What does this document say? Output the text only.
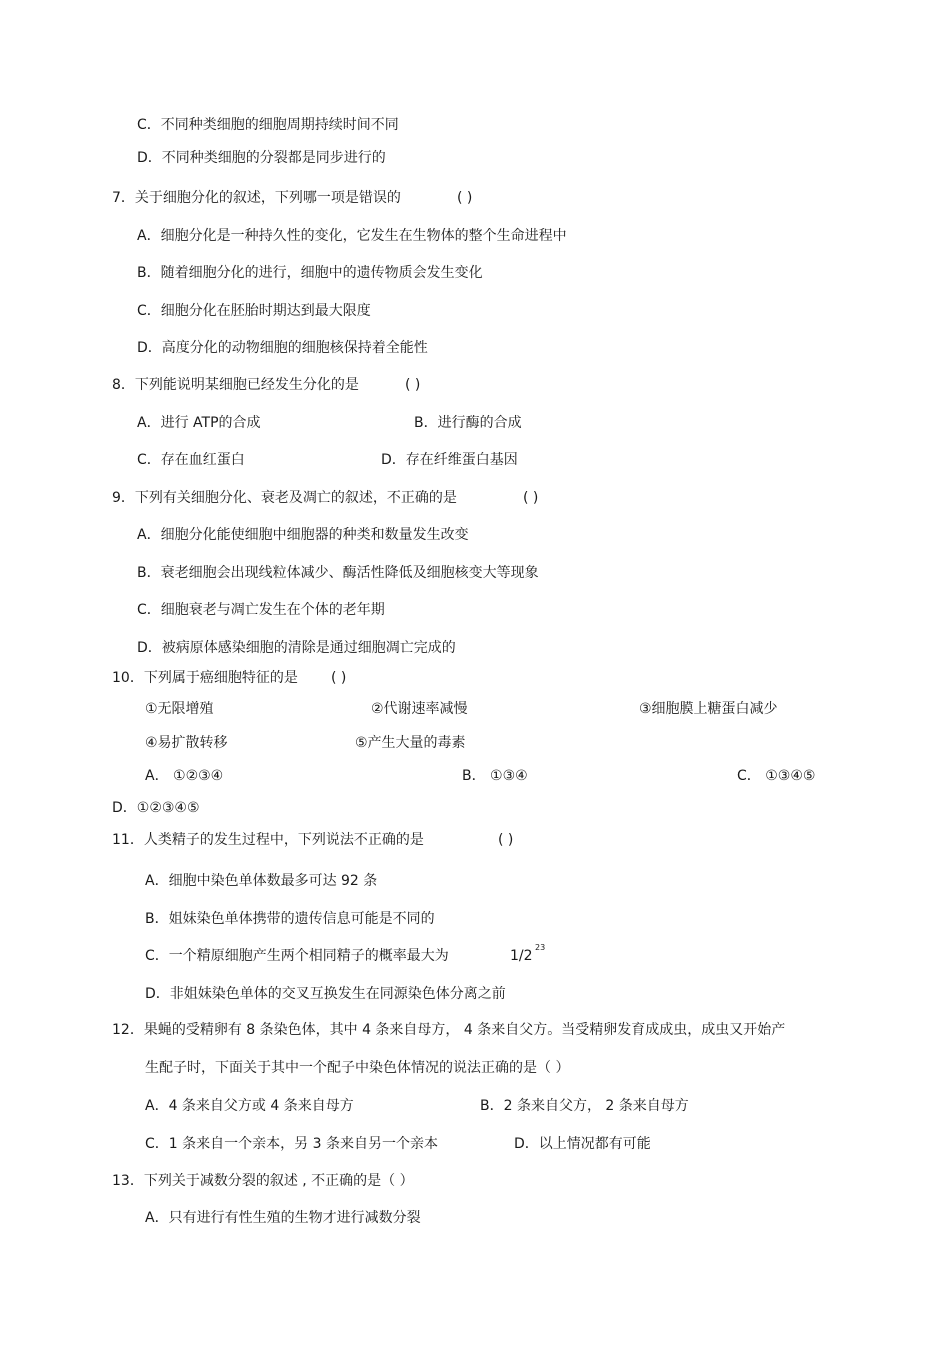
C．不同种类细胞的细胞周期持续时间不同
D．不同种类细胞的分裂都是同步进行的
7．关于细胞分化的叙述，下列哪一项是错误的	( )
A．细胞分化是一种持久性的变化，它发生在生物体的整个生命进程中
B．随着细胞分化的进行，细胞中的遗传物质会发生变化
C．细胞分化在胚胎时期达到最大限度
D．高度分化的动物细胞的细胞核保持着全能性
8．下列能说明某细胞已经发生分化的是	( )
A．进行 ATP的合成	B．进行酶的合成
C．存在血红蛋白	D．存在纤维蛋白基因
9．下列有关细胞分化、衰老及凋亡的叙述，不正确的是	( )
A．细胞分化能使细胞中细胞器的种类和数量发生改变
B．衰老细胞会出现线粒体减少、酶活性降低及细胞核变大等现象
C．细胞衰老与凋亡发生在个体的老年期
D．被病原体感染细胞的清除是通过细胞凋亡完成的
10．下列属于癌细胞特征的是 ( )
①无限增殖	②代谢速率减慢	③细胞膜上糖蛋白减少
④易扩散转移	⑤产生大量的毒素
A． ①②③④	B． ①③④	C． ①③④⑤
D．①②③④⑤
11．人类精子的发生过程中，下列说法不正确的是	( )
A．细胞中染色单体数最多可达 92 条
B．姐妹染色单体携带的遗传信息可能是不同的
C．一个精原细胞产生两个相同精子的概率最大为	1/2
23
D．非姐妹染色单体的交叉互换发生在同源染色体分离之前
12．果蝇的受精卵有 8 条染色体，其中 4 条来自母方， 4 条来自父方。当受精卵发育成成虫，成虫又开始产
生配子时，下面关于其中一个配子中染色体情况的说法正确的是（ ）
A．4 条来自父方或 4 条来自母方	B．2 条来自父方， 2 条来自母方
C．1 条来自一个亲本，另 3 条来自另一个亲本	D．以上情况都有可能
13．下列关于减数分裂的叙述 , 不正确的是（ ）
A．只有进行有性生殖的生物才进行减数分裂
